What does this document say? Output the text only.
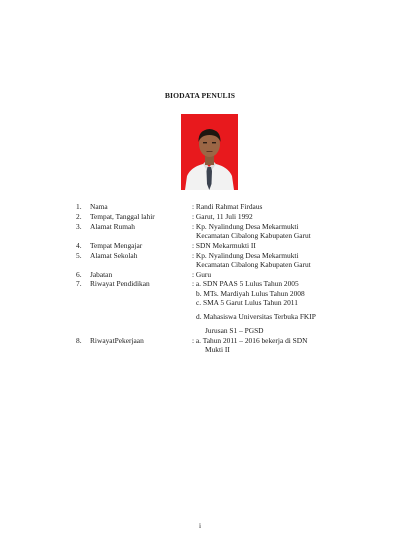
BIODATA PENULIS
1.	Nama	: Randi Rahmat Firdaus
2.	Tempat, Tanggal lahir	: Garut, 11 Juli 1992
3.	Alamat Rumah	: Kp. Nyalindung Desa Mekarmukti
Kecamatan Cibalong Kabupaten Garut
4.	Tempat Mengajar	: SDN Mekarmukti II
5.	Alamat Sekolah	: Kp. Nyalindung Desa Mekarmukti
Kecamatan Cibalong Kabupaten Garut
6.	Jabatan	: Guru
7.	Riwayat Pendidikan	: a. SDN PAAS 5 Lulus Tahun 2005
b. MTs. Mardiyah Lulus Tahun 2008
c. SMA 5 Garut Lulus Tahun 2011
d. Mahasiswa Universitas Terbuka FKIP
Jurusan S1 – PGSD
8.	RiwayatPekerjaan	: a. Tahun 2011 – 2016 bekerja di SDN
Mukti II
i
